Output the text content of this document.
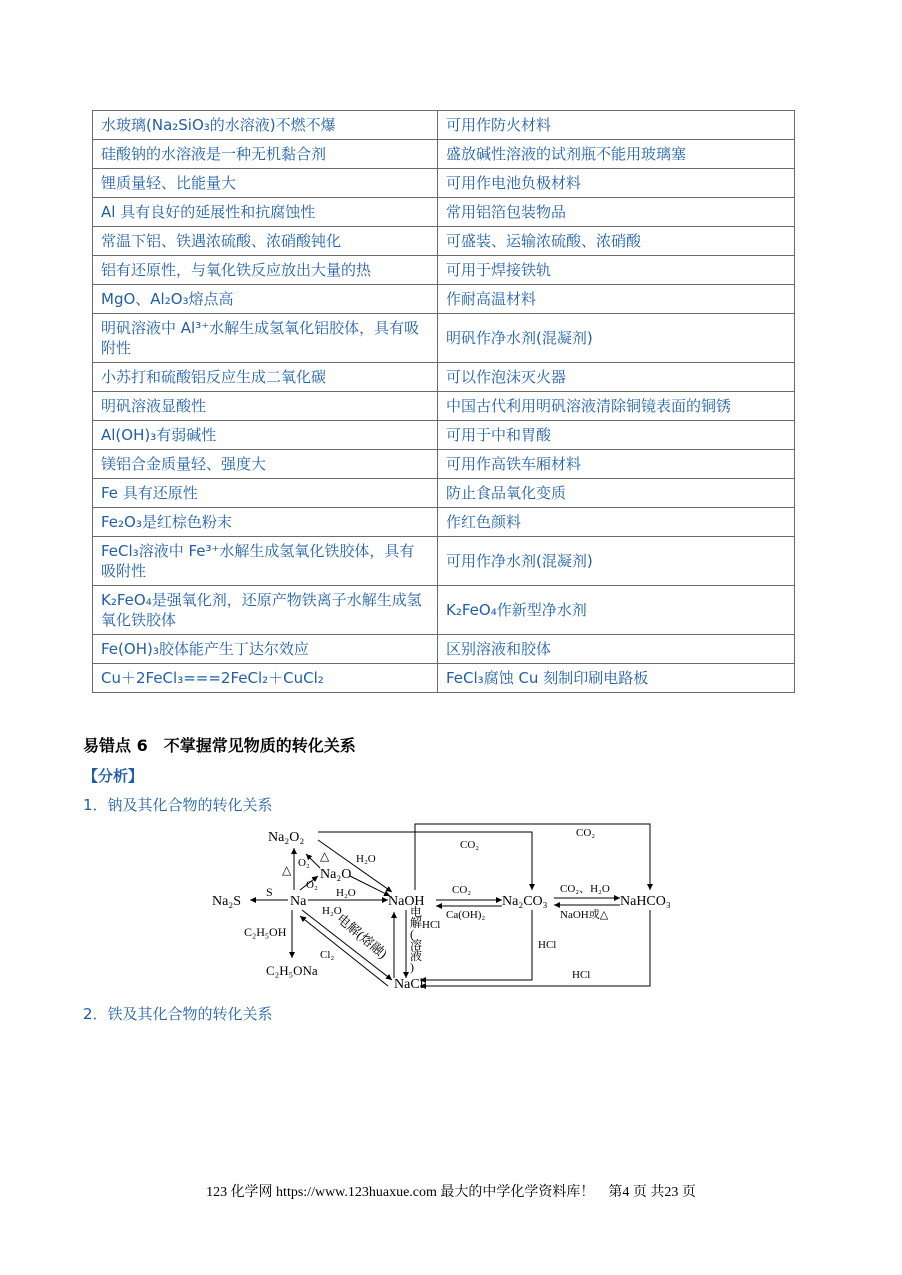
水玻璃(Na₂SiO₃的水溶液)不燃不爆	可用作防火材料
硅酸钠的水溶液是一种无机黏合剂	盛放碱性溶液的试剂瓶不能用玻璃塞
锂质量轻、比能量大	可用作电池负极材料
Al 具有良好的延展性和抗腐蚀性	常用铝箔包装物品
常温下铝、铁遇浓硫酸、浓硝酸钝化	可盛装、运输浓硫酸、浓硝酸
铝有还原性，与氧化铁反应放出大量的热	可用于焊接铁轨
MgO、Al₂O₃熔点高	作耐高温材料
明矾溶液中 Al³⁺水解生成氢氧化铝胶体，具有吸附性	明矾作净水剂(混凝剂)
小苏打和硫酸铝反应生成二氧化碳	可以作泡沫灭火器
明矾溶液显酸性	中国古代利用明矾溶液清除铜镜表面的铜锈
Al(OH)₃有弱碱性	可用于中和胃酸
镁铝合金质量轻、强度大	可用作高铁车厢材料
Fe 具有还原性	防止食品氧化变质
Fe₂O₃是红棕色粉末	作红色颜料
FeCl₃溶液中 Fe³⁺水解生成氢氧化铁胶体，具有吸附性	可用作净水剂(混凝剂)
K₂FeO₄是强氧化剂，还原产物铁离子水解生成氢氧化铁胶体	K₂FeO₄作新型净水剂
Fe(OH)₃胶体能产生丁达尔效应	区别溶液和胶体
Cu＋2FeCl₃===2FeCl₂＋CuCl₂	FeCl₃腐蚀 Cu 刻制印刷电路板
易错点 6　不掌握常见物质的转化关系
【分析】
1．钠及其化合物的转化关系
Na₂O₂
Na₂O
Na
Na₂S	NaOH	Na₂CO₃	NaHCO₃
NaCl
C₂H₅OH
C₂H₅ONa
S
△ O₂ △
O₂
H₂O
H₂O
H₂O
Cl₂ 电解(熔融)	HCl
HCl
HCl
CO₂
CO₂
CO₂
Ca(OH)₂
CO₂、H₂O
NaOH或△
电解(溶液)
2．铁及其化合物的转化关系
123 化学网 https://www.123huaxue.com 最大的中学化学资料库！　第4 页 共23 页
